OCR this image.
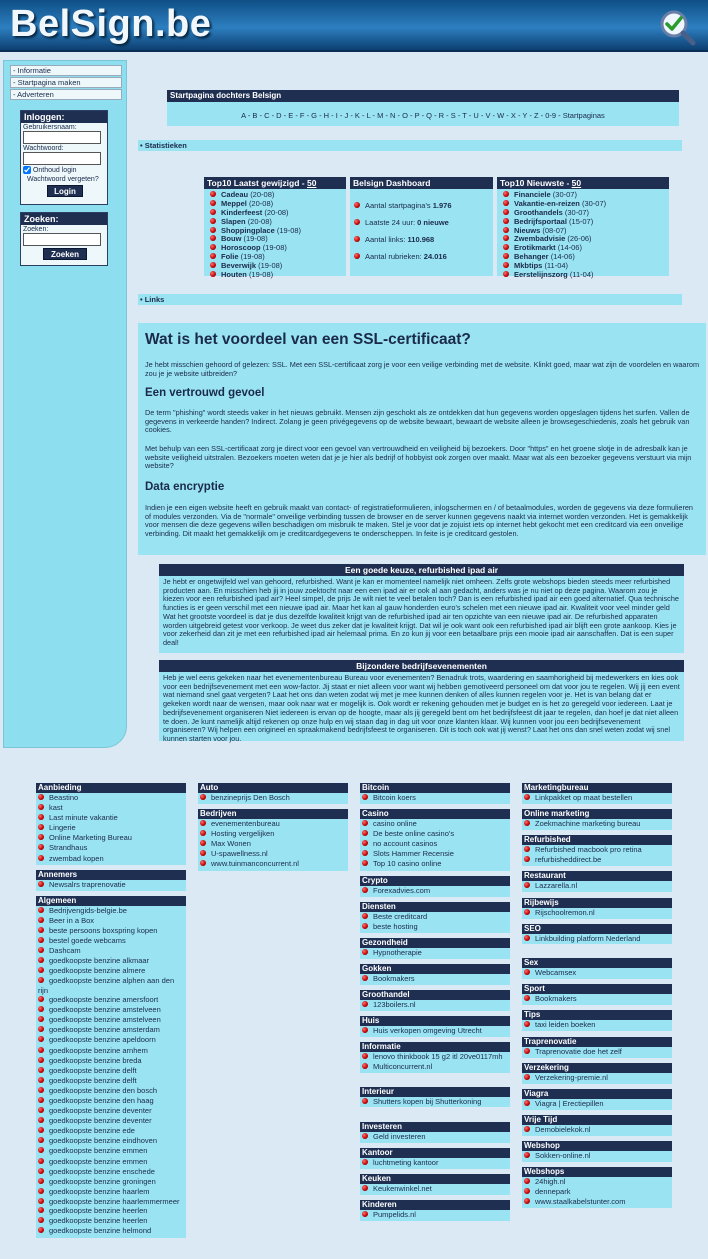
BelSign.be
- Informatie
- Startpagina maken
- Adverteren
Inloggen:
Gebruikersnaam:
Wachtwoord:
Onthoud login
Wachtwoord vergeten?
Login
Zoeken:
Zoeken:
Zoeken
Startpagina dochters Belsign
A - B - C - D - E - F - G - H - I - J - K - L - M - N - O - P - Q - R - S - T - U - V - W - X - Y - Z - 0-9 - Startpaginas
• Statistieken
Top10 Laatst gewijzigd - 50
Cadeau (20-08)
Meppel (20-08)
Kinderfeest (20-08)
Slapen (20-08)
Shoppingplace (19-08)
Bouw (19-08)
Horoscoop (19-08)
Folie (19-08)
Beverwijk (19-08)
Houten (19-08)
Belsign Dashboard

Aantal startpagina's 1.976

Laatste 24 uur: 0 nieuwe

Aantal links: 110.968

Aantal rubrieken: 24.016

Top10 Nieuwste - 50
Financiele (30-07)
Vakantie-en-reizen (30-07)
Groothandels (30-07)
Bedrijfsportaal (15-07)
Nieuws (08-07)
Zwembadvisie (26-06)
Erotikmarkt (14-06)
Behanger (14-06)
Mkbtips (11-04)
Eerstelijnszorg (11-04)
• Links
Wat is het voordeel van een SSL-certificaat?

Je hebt misschien gehoord of gelezen: SSL. Met een SSL-certificaat zorg je voor een veilige verbinding met de website. Klinkt goed, maar wat zijn de voordelen en waarom zou je je website uitbreiden?

Een vertrouwd gevoel

De term "phishing" wordt steeds vaker in het nieuws gebruikt. Mensen zijn geschokt als ze ontdekken dat hun gegevens worden opgeslagen tijdens het surfen. Vallen de gegevens in verkeerde handen? Indirect. Zolang je geen privégegevens op de website bewaart, bewaart de website alleen je browsegeschiedenis, zoals het gebruik van cookies.

Met behulp van een SSL-certificaat zorg je direct voor een gevoel van vertrouwdheid en veiligheid bij bezoekers. Door "https" en het groene slotje in de adresbalk kan je website veiligheid uitstralen. Bezoekers moeten weten dat je je hier als bedrijf of hobbyist ook zorgen over maakt. Maar wat als een bezoeker gegevens verstuurt via mijn website?

Data encryptie

Indien je een eigen website heeft en gebruik maakt van contact- of registratieformulieren, inlogschermen en / of betaalmodules, worden de gegevens via deze formulieren of modules verzonden. Via de "normale" onveilige verbinding tussen de browser en de server kunnen gegevens naakt via internet worden verzonden. Het is gemakkelijk voor mensen die deze gegevens willen beschadigen om misbruik te maken. Stel je voor dat je zojuist iets op internet hebt gekocht met een creditcard via een onveilige verbinding. Dit maakt het gemakkelijk om je creditcardgegevens te onderscheppen. In feite is je creditcard gestolen.

Een goede keuze, refurbished ipad air

Je hebt er ongetwijfeld wel van gehoord, refurbished. Want je kan er momenteel namelijk niet omheen. Zelfs grote webshops bieden steeds meer refurbished producten aan. En misschien heb jij in jouw zoektocht naar een een ipad air er ook al aan gedacht, anders was je nu niet op deze pagina. Waarom zou je kiezen voor een refurbished ipad air? Heel simpel, de prijs Je wilt niet te veel betalen toch? Dan is een refurbished ipad air een goed alternatief. Qua technische functies is er geen verschil met een nieuwe ipad air. Maar het kan al gauw honderden euro's schelen met een nieuwe ipad air. Kwaliteit voor veel minder geld Wat het grootste voordeel is dat je dus dezelfde kwaliteit krijgt van de refurbished ipad air ten opzichte van een nieuwe ipad air. De refurbished apparaten worden uitgebreid getest voor verkoop. Je weet dus zeker dat je kwaliteit krijgt. Dat wil je ook want ook een refurbished ipad air blijft een grote aankoop. Kies je voor zekerheid dan zit je met een refurbished ipad air helemaal prima. En zo kun jij voor een betaalbare prijs een mooie ipad air aanschaffen. Dat is een super deal!

Bijzondere bedrijfsevenementen

Heb je wel eens gekeken naar het evenementenbureau Bureau voor evenementen? Benadruk trots, waardering en saamhorigheid bij medewerkers en kies ook voor een bedrijfsevenement met een wow-factor. Jij staat er niet alleen voor want wij hebben gemotiveerd personeel om dat voor jou te regelen. Wij jij een event wat niemand snel gaat vergeten? Laat het ons dan weten zodat wij met je mee kunnen denken of alles kunnen regelen voor je. Het is van belang dat er gekeken wordt naar de wensen, maar ook naar wat er mogelijk is. Ook wordt er rekening gehouden met je budget en is het zo geregeld voor iedereen. Laat je bedrijfsevenement organiseren Niet iedereen is ervan op de hoogte, maar als jij geregeld bent om het bedrijfsfeest dit jaar te regelen, dan hoef je dat niet alleen te doen. Je kunt namelijk altijd rekenen op onze hulp en wij staan dag in dag uit voor onze klanten klaar. Wij kunnen voor jou een bedrijfsevenement organiseren? Wij helpen een origineel en spraakmakend bedrijfsfeest te organiseren. Dit is toch ook wat jij wenst? Laat het ons dan snel weten zodat wij snel kunnen starten voor jou.

Aanbieding
Beastino
kast
Last minute vakantie
Lingerie
Online Marketing Bureau
Strandhaus
zwembad kopen
Annemers
Newsalrs traprenovatie
Algemeen
Bedrijvengids-belgie.be
Beer in a Box
beste persoons boxspring kopen
bestel goede webcams
Dashcam
goedkoopste benzine alkmaar
goedkoopste benzine almere
goedkoopste benzine alphen aan den rijn
goedkoopste benzine amersfoort
goedkoopste benzine amstelveen
goedkoopste benzine amstelveen
goedkoopste benzine amsterdam
goedkoopste benzine apeldoorn
goedkoopste benzine arnhem
goedkoopste benzine breda
goedkoopste benzine delft
goedkoopste benzine delft
goedkoopste benzine den bosch
goedkoopste benzine den haag
goedkoopste benzine deventer
goedkoopste benzine deventer
goedkoopste benzine ede
goedkoopste benzine eindhoven
goedkoopste benzine emmen
goedkoopste benzine emmen
goedkoopste benzine enschede
goedkoopste benzine groningen
goedkoopste benzine haarlem
goedkoopste benzine haarlemmermeer
goedkoopste benzine heerlen
goedkoopste benzine heerlen
goedkoopste benzine helmond
Auto
benzineprijs Den Bosch
Bedrijven
evenementenbureau
Hosting vergelijken
Max Wonen
U-spawellness.nl
www.tuinmanconcurrent.nl
Bitcoin
Bitcoin koers
Casino
casino online
De beste online casino's
no account casinos
Slots Hammer Recensie
Top 10 casino online
Crypto
Forexadvies.com
Diensten
Beste creditcard
beste hosting
Gezondheid
Hypnotherapie
Gokken
Bookmakers
Groothandel
123boilers.nl
Huis
Huis verkopen omgeving Utrecht
Informatie
lenovo thinkbook 15 g2 itl 20ve0117mh
Multiconcurrent.nl
Interieur
Shutters kopen bij Shutterkoning
Investeren
Geld investeren
Kantoor
luchtmeting kantoor
Keuken
Keukenwinkel.net
Kinderen
Pumpelids.nl
Marketingbureau
Linkpakket op maat bestellen
Online marketing
Zoekmachine marketing bureau
Refurbished
Refurbished macbook pro retina
refurbisheddirect.be
Restaurant
Lazzarella.nl
Rijbewijs
Rijschoolremon.nl
SEO
Linkbuilding platform Nederland
Sex
Webcamsex
Sport
Bookmakers
Tips
taxi leiden boeken
Traprenovatie
Traprenovatie doe het zelf
Verzekering
Verzekering-premie.nl
Viagra
Viagra | Erectiepillen
Vrije Tijd
Demobielekok.nl
Webshop
Sokken-online.nl
Webshops
24high.nl
dennepark
www.staalkabelstunter.com
